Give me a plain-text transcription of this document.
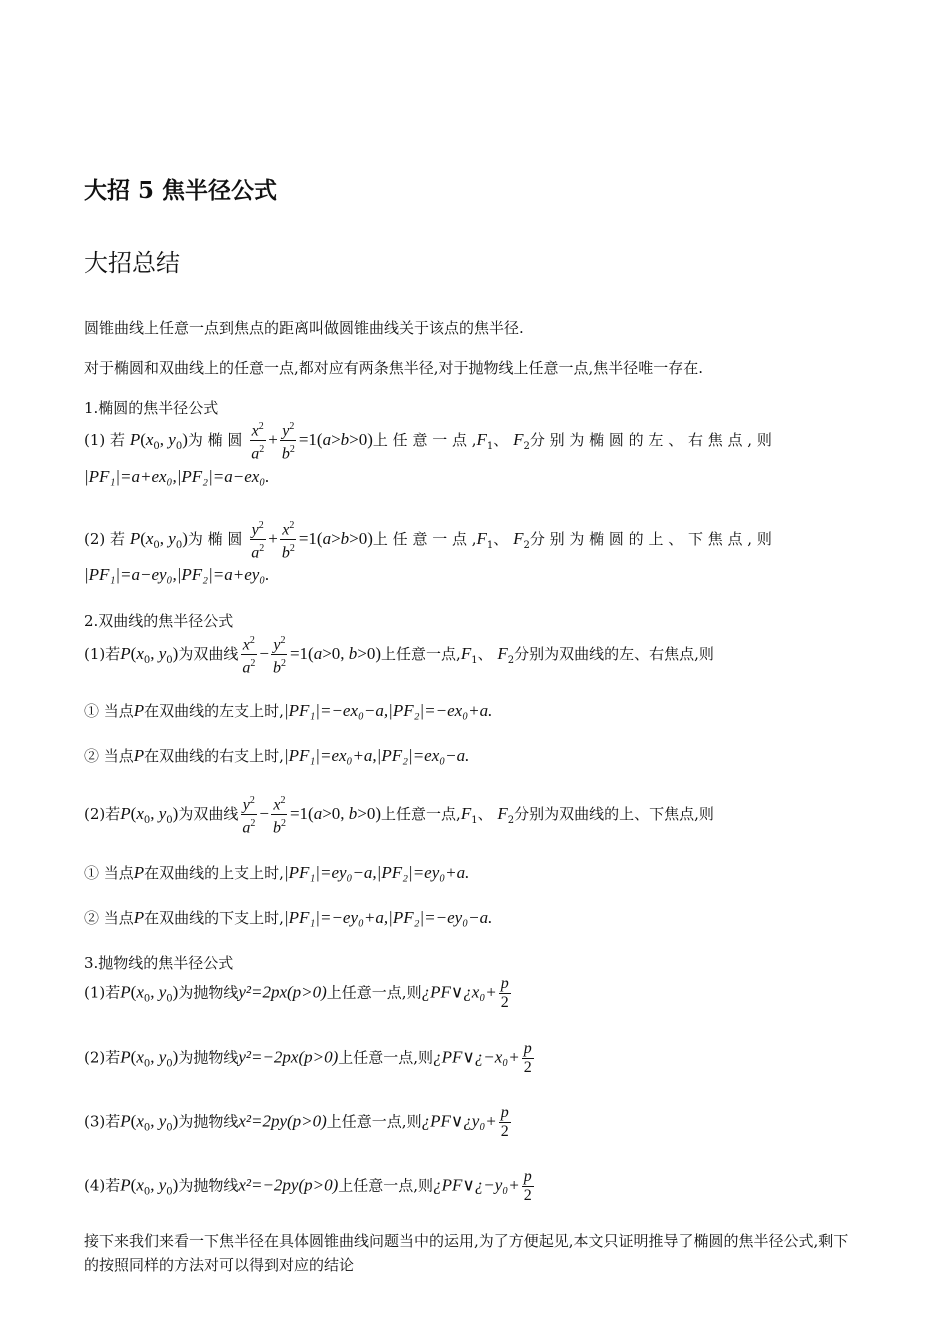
大招 5 焦半径公式
大招总结
圆锥曲线上任意一点到焦点的距离叫做圆锥曲线关于该点的焦半径.
对于椭圆和双曲线上的任意一点,都对应有两条焦半径,对于抛物线上任意一点,焦半径唯一存在.
1.椭圆的焦半径公式
(1) 若 $P(x_0$, $y_0$)为 椭 圆 $\frac{x^2}{a^2} + \frac{y^2}{b^2} =1(a>b>0)$上 任 意 一 点 $,F_1$、 $F_2$分 别 为 椭 圆 的 左 、 右 焦 点 , 则
|PF₁|=a+ex₀,|PF₂|=a−ex₀.
(2) 若 $P(x_0$, $y_0$)为 椭 圆 $\frac{y^2}{a^2} + \frac{x^2}{b^2} =1(a>b>0)$上 任 意 一 点 $,F_1$、 $F_2$分 别 为 椭 圆 的 上 、 下 焦 点 , 则
|PF₁|=a−ey₀,|PF₂|=a+ey₀.
2.双曲线的焦半径公式
(1)若$P(x_0$, $y_0$)为双曲线 $\frac{x^2}{a^2} - \frac{y^2}{b^2} =1(a>0$, b>0)上任意一点$,F_1$、 $F_2$分别为双曲线的左、右焦点,则
① 当点P在双曲线的左支上时,|PF₁|=−ex₀−a,|PF₂|=−ex₀+a.
② 当点P在双曲线的右支上时,|PF₁|=ex₀+a,|PF₂|=ex₀−a.
(2)若$P(x_0$, $y_0$)为双曲线 $\frac{y^2}{a^2} - \frac{x^2}{b^2} =1(a>0$, b>0)上任意一点$,F_1$、 $F_2$分别为双曲线的上、下焦点,则
① 当点P在双曲线的上支上时,|PF₁|=ey₀−a,|PF₂|=ey₀+a.
② 当点P在双曲线的下支上时,|PF₁|=−ey₀+a,|PF₂|=−ey₀−a.
3.抛物线的焦半径公式
(1)若$P(x_0$, $y_0$)为抛物线y²=2px(p>0)上任意一点,则¿PF∨¿x₀+ $\frac{p}{2}$
(2)若$P(x_0$, $y_0$)为抛物线y²=−2px(p>0)上任意一点,则¿PF∨¿−x₀+ $\frac{p}{2}$
(3)若$P(x_0$, $y_0$)为抛物线x²=2py(p>0)上任意一点,则¿PF∨¿y₀+ $\frac{p}{2}$
(4)若$P(x_0$, $y_0$)为抛物线x²=−2py(p>0)上任意一点,则¿PF∨¿−y₀+ $\frac{p}{2}$
接下来我们来看一下焦半径在具体圆锥曲线问题当中的运用,为了方便起见,本文只证明推导了椭圆的焦半径公式,剩下的按照同样的方法对可以得到对应的结论
